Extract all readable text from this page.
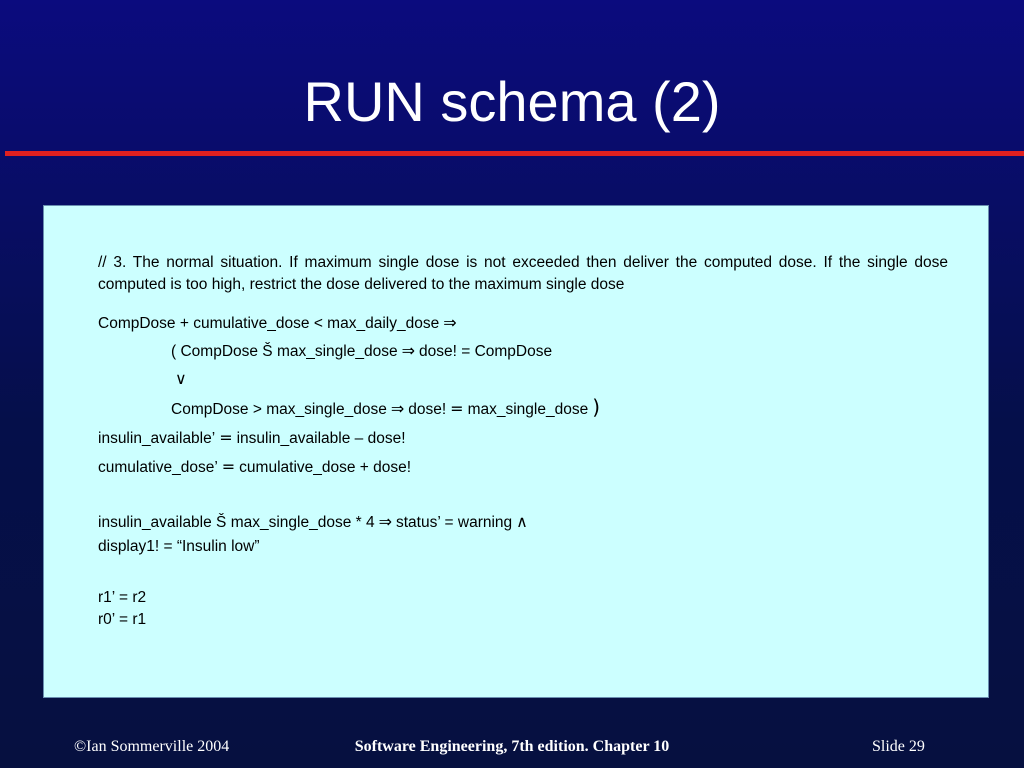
RUN schema (2)
// 3. The normal situation. If maximum single dose is not exceeded then deliver the computed dose. If the single dose computed is too high, restrict the dose delivered to the maximum single dose
CompDose + cumulative_dose < max_daily_dose ⇒
( CompDose Š max_single_dose ⇒ dose! = CompDose
∨
CompDose > max_single_dose ⇒ dose! = max_single_dose )
insulin_available’ = insulin_available – dose!
cumulative_dose’ = cumulative_dose + dose!
insulin_available Š max_single_dose * 4 ⇒ status’ = warning ∧
display1! = “Insulin low”
r1’ = r2
r0’ = r1
©Ian Sommerville 2004	Software Engineering, 7th edition. Chapter 10	Slide 29
